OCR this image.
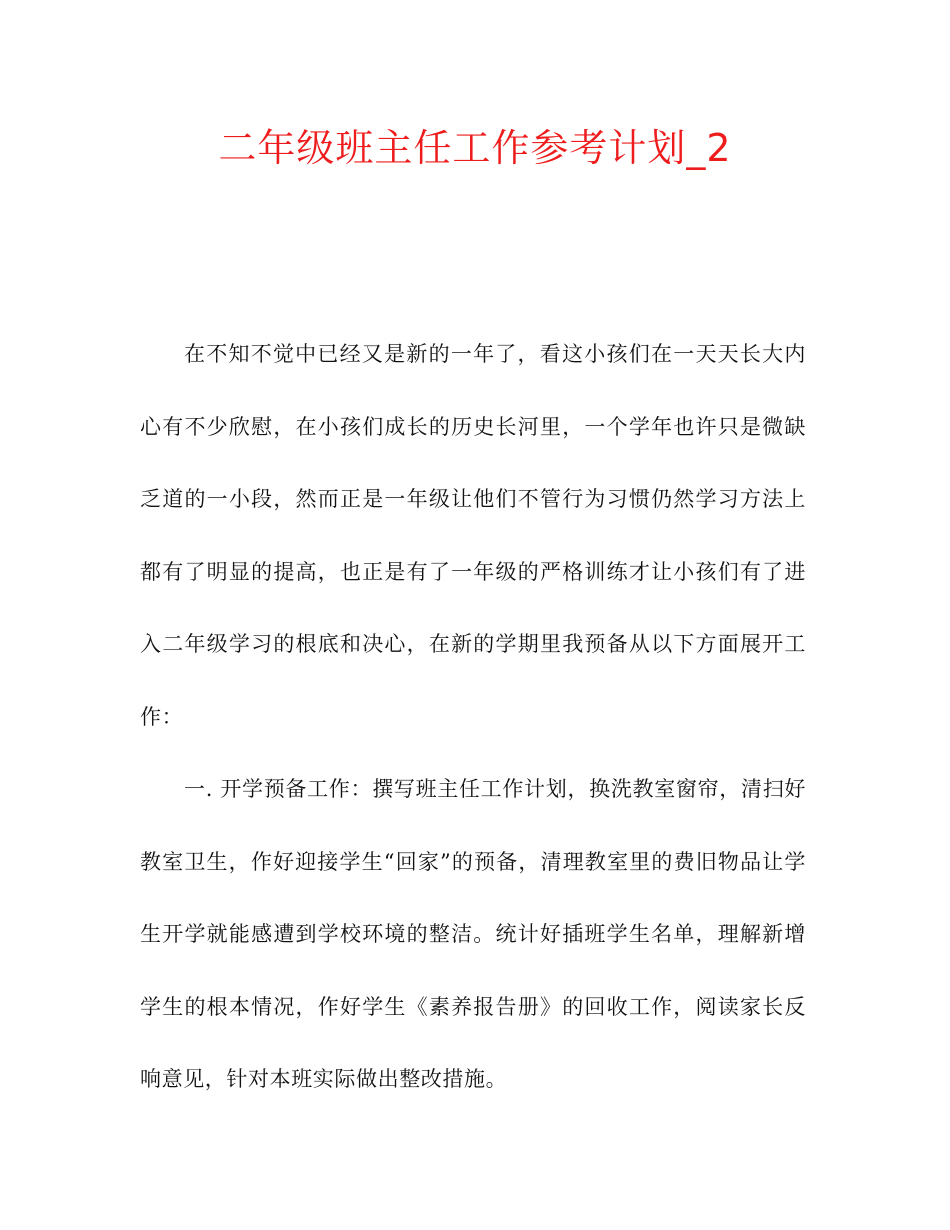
二年级班主任工作参考计划_2

在不知不觉中已经又是新的一年了，看这小孩们在一天天长大内心有不少欣慰，在小孩们成长的历史长河里，一个学年也许只是微缺乏道的一小段，然而正是一年级让他们不管行为习惯仍然学习方法上都有了明显的提高，也正是有了一年级的严格训练才让小孩们有了进入二年级学习的根底和决心，在新的学期里我预备从以下方面展开工作：

一. 开学预备工作：撰写班主任工作计划，换洗教室窗帘，清扫好教室卫生，作好迎接学生“回家”的预备，清理教室里的费旧物品让学生开学就能感遭到学校环境的整洁。统计好插班学生名单，理解新增学生的根本情况，作好学生《素养报告册》的回收工作，阅读家长反响意见，针对本班实际做出整改措施。
